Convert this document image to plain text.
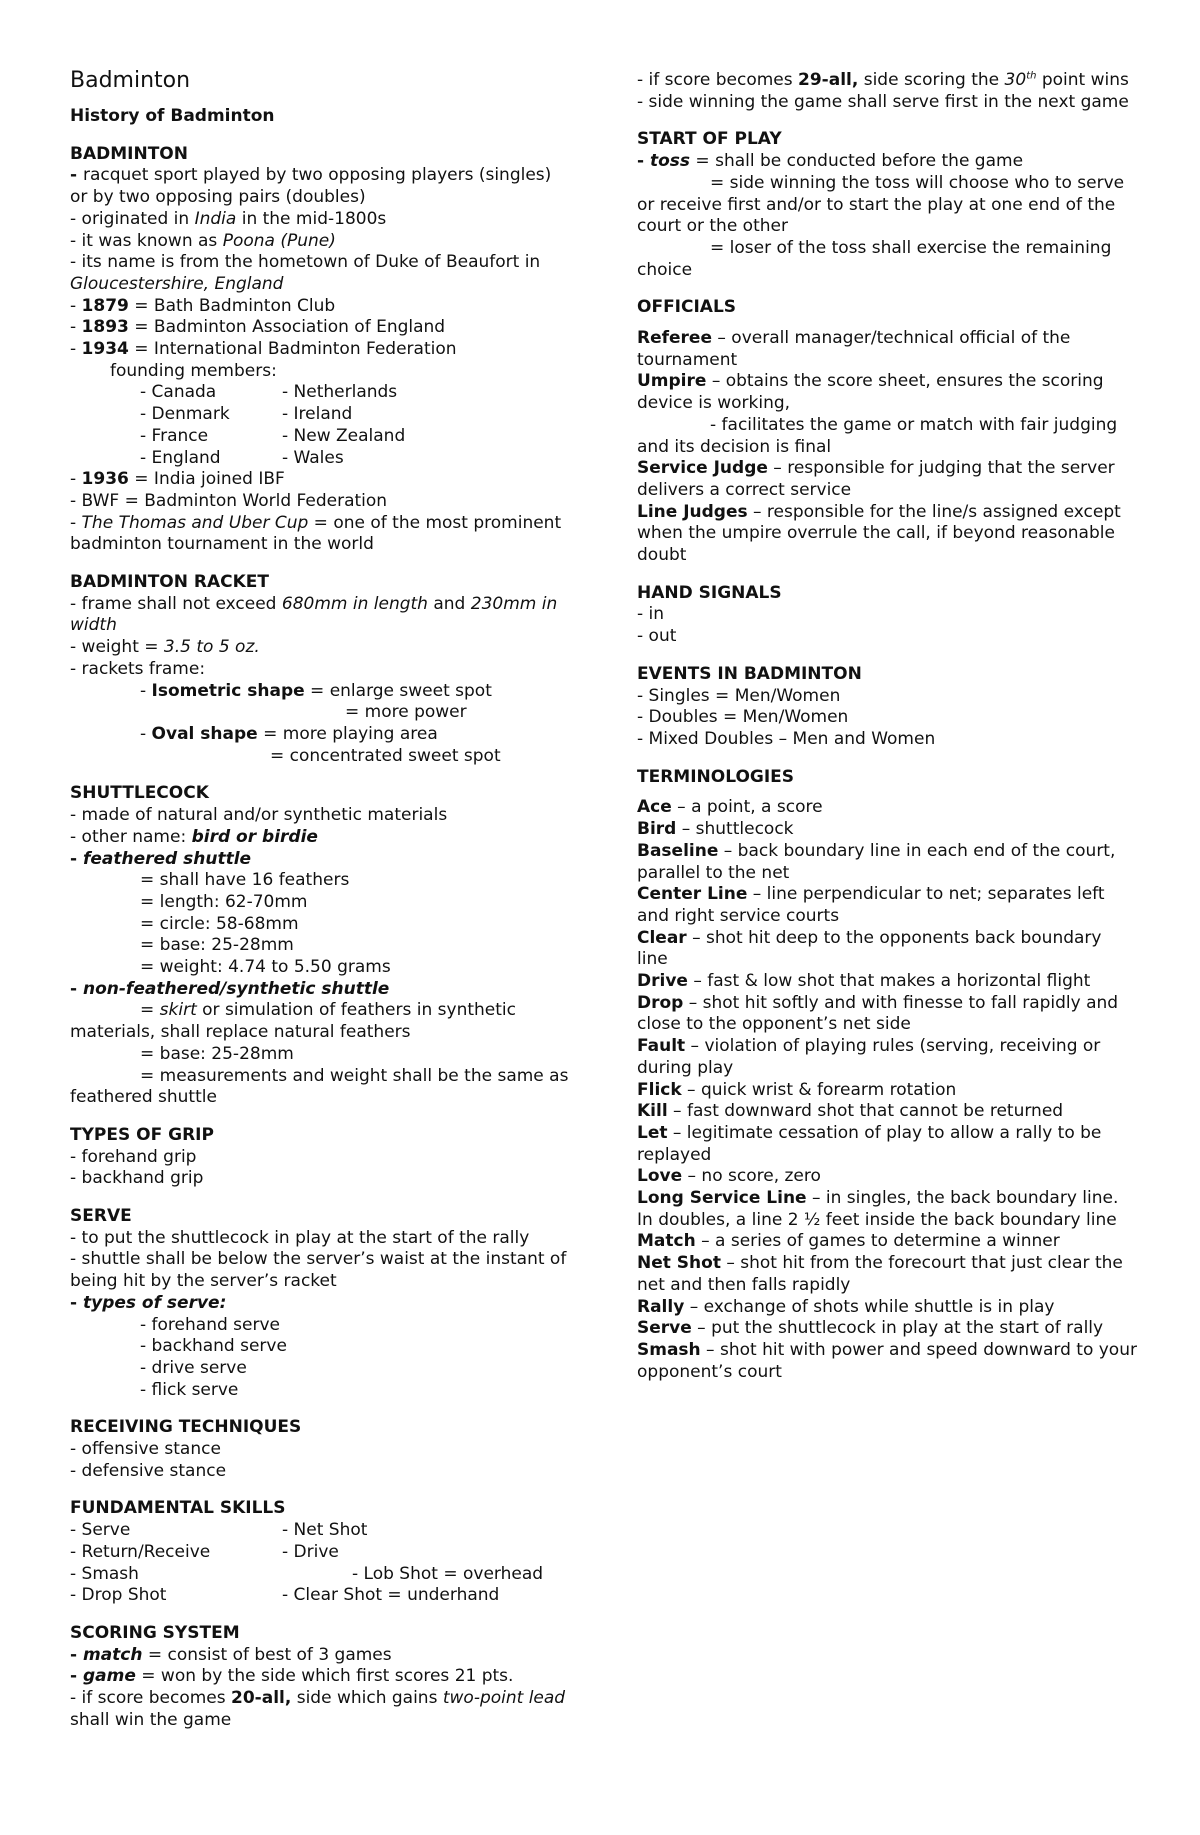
Badminton
History of Badminton
BADMINTON
- racquet sport played by two opposing players (singles) or by two opposing pairs (doubles)
- originated in India in the mid-1800s
- it was known as Poona (Pune)
- its name is from the hometown of Duke of Beaufort in Gloucestershire, England
- 1879 = Bath Badminton Club
- 1893 = Badminton Association of England
- 1934 = International Badminton Federation
founding members:
- Canada	- Netherlands
- Denmark	- Ireland
- France	- New Zealand
- England	- Wales
- 1936 = India joined IBF
- BWF = Badminton World Federation
- The Thomas and Uber Cup = one of the most prominent badminton tournament in the world
BADMINTON RACKET
- frame shall not exceed 680mm in length and 230mm in width
- weight = 3.5 to 5 oz.
- rackets frame:
- Isometric shape = enlarge sweet spot
= more power
- Oval shape = more playing area
= concentrated sweet spot
SHUTTLECOCK
- made of natural and/or synthetic materials
- other name: bird or birdie
- feathered shuttle
= shall have 16 feathers
= length: 62-70mm
= circle: 58-68mm
= base: 25-28mm
= weight: 4.74 to 5.50 grams
- non-feathered/synthetic shuttle
= skirt or simulation of feathers in synthetic materials, shall replace natural feathers
= base: 25-28mm
= measurements and weight shall be the same as feathered shuttle
TYPES OF GRIP
- forehand grip
- backhand grip
SERVE
- to put the shuttlecock in play at the start of the rally
- shuttle shall be below the server’s waist at the instant of being hit by the server’s racket
- types of serve:
- forehand serve
- backhand serve
- drive serve
- flick serve
RECEIVING TECHNIQUES
- offensive stance
- defensive stance
FUNDAMENTAL SKILLS
- Serve	- Net Shot
- Return/Receive	- Drive
- Smash	- Lob Shot = overhead
- Drop Shot	- Clear Shot = underhand
SCORING SYSTEM
- match = consist of best of 3 games
- game = won by the side which first scores 21 pts.
- if score becomes 20-all, side which gains two-point lead shall win the game
- if score becomes 29-all, side scoring the 30th point wins
- side winning the game shall serve first in the next game
START OF PLAY
- toss = shall be conducted before the game
= side winning the toss will choose who to serve
or receive first and/or to start the play at one end of the court or the other
= loser of the toss shall exercise the remaining
choice
OFFICIALS
Referee – overall manager/technical official of the tournament
Umpire – obtains the score sheet, ensures the scoring device is working,
- facilitates the game or match with fair judging
and its decision is final
Service Judge – responsible for judging that the server delivers a correct service
Line Judges – responsible for the line/s assigned except when the umpire overrule the call, if beyond reasonable doubt
HAND SIGNALS
- in
- out
EVENTS IN BADMINTON
- Singles = Men/Women
- Doubles = Men/Women
- Mixed Doubles – Men and Women
TERMINOLOGIES
Ace – a point, a score
Bird – shuttlecock
Baseline – back boundary line in each end of the court, parallel to the net
Center Line – line perpendicular to net; separates left and right service courts
Clear – shot hit deep to the opponents back boundary line
Drive – fast & low shot that makes a horizontal flight
Drop – shot hit softly and with finesse to fall rapidly and close to the opponent’s net side
Fault – violation of playing rules (serving, receiving or during play
Flick – quick wrist & forearm rotation
Kill – fast downward shot that cannot be returned
Let – legitimate cessation of play to allow a rally to be replayed
Love – no score, zero
Long Service Line – in singles, the back boundary line. In doubles, a line 2 ½ feet inside the back boundary line
Match – a series of games to determine a winner
Net Shot – shot hit from the forecourt that just clear the net and then falls rapidly
Rally – exchange of shots while shuttle is in play
Serve – put the shuttlecock in play at the start of rally
Smash – shot hit with power and speed downward to your opponent’s court
